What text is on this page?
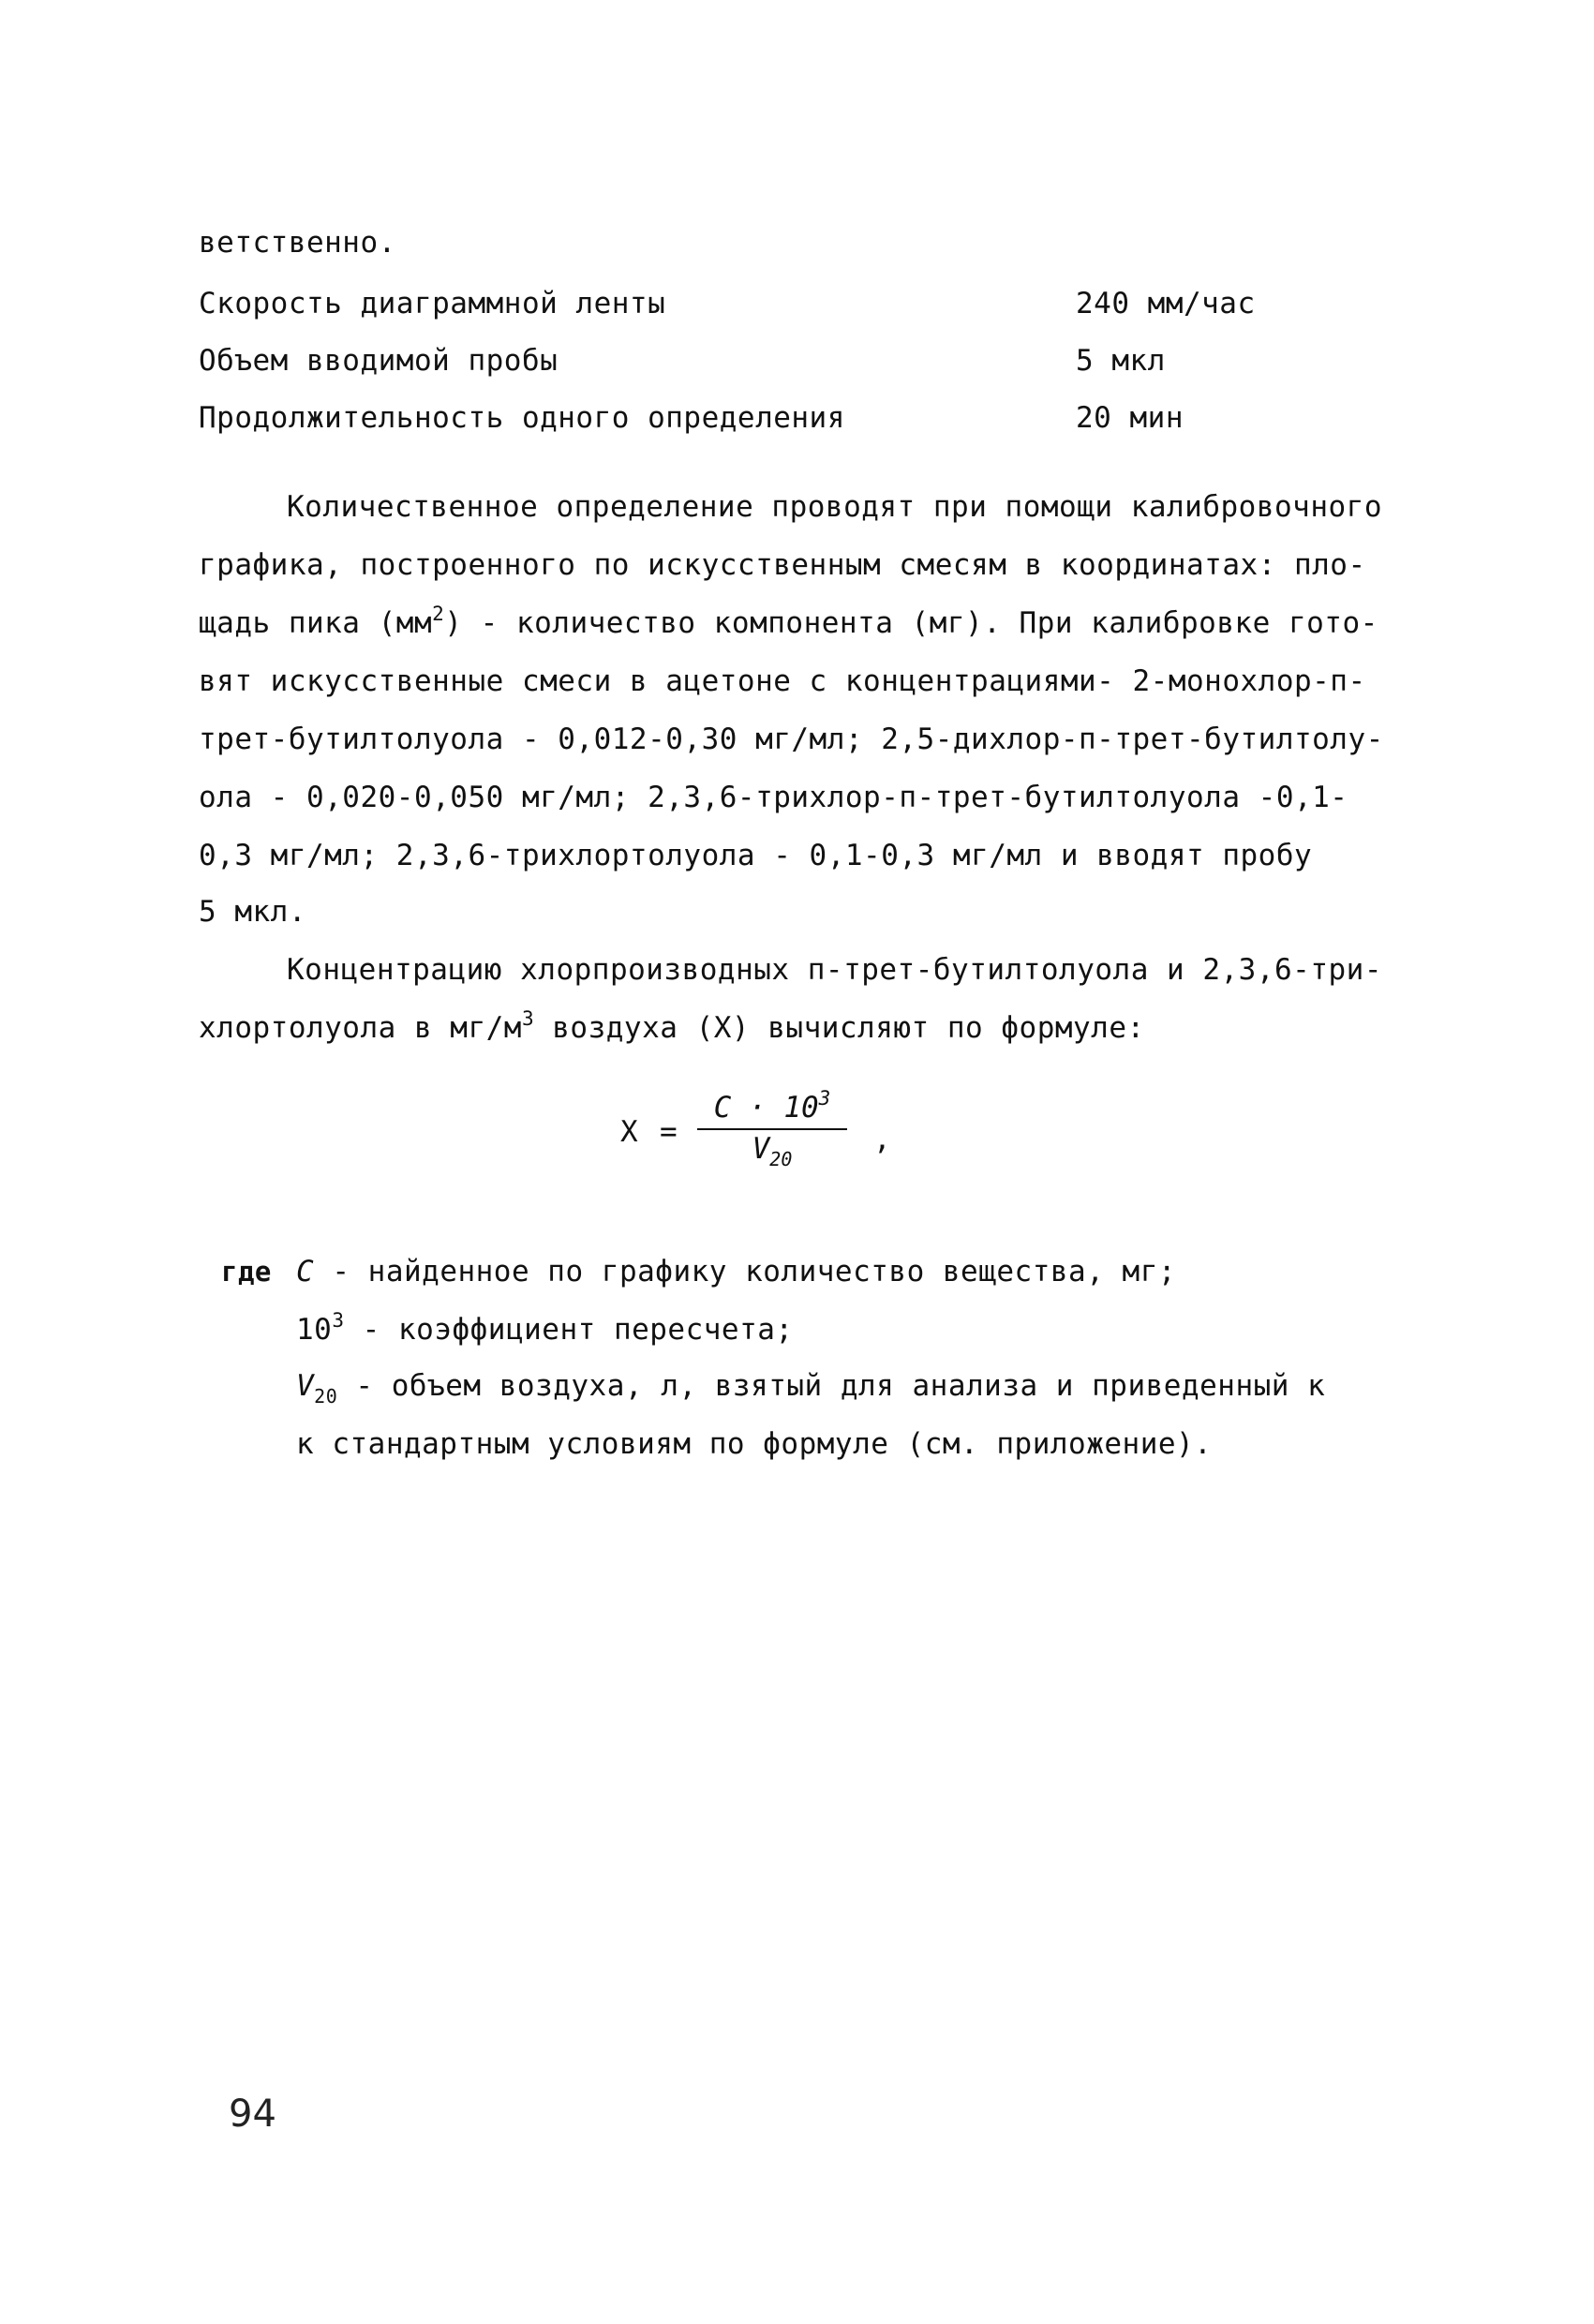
ветственно.
Скорость диаграммной ленты	240 мм/час
Объем вводимой пробы	5 мкл
Продолжительность одного определения	20 мин
Количественное определение проводят при помощи калибровочного
графика, построенного по искусственным смесям в координатах: пло-
щадь пика $(мм^2)$ - количество компонента (мг). При калибровке гото-
вят искусственные смеси в ацетоне с концентрациями- 2-монохлор-п-
трет-бутилтолуола - 0,012-0,30 мг/мл; 2,5-дихлор-п-трет-бутилтолу-
ола - 0,020-0,050 мг/мл; 2,3,6-трихлор-п-трет-бутилтолуола -0,1-
0,3 мг/мл; 2,3,6-трихлортолуола - 0,1-0,3 мг/мл и вводят пробу
5 мкл.
Концентрацию хлорпроизводных п-трет-бутилтолуола и 2,3,6-три-
хлортолуола в $мг/м^3$ воздуха (Х) вычисляют по формуле:
Х =
$С \cdot 10^3$
$V_{20}$
,
где С - найденное по графику количество вещества, мг;
$10^3$ - коэффициент пересчета;
$V_{20}$ - объем воздуха, л, взятый для анализа и приведенный к
к стандартным условиям по формуле (см. приложение).
94
